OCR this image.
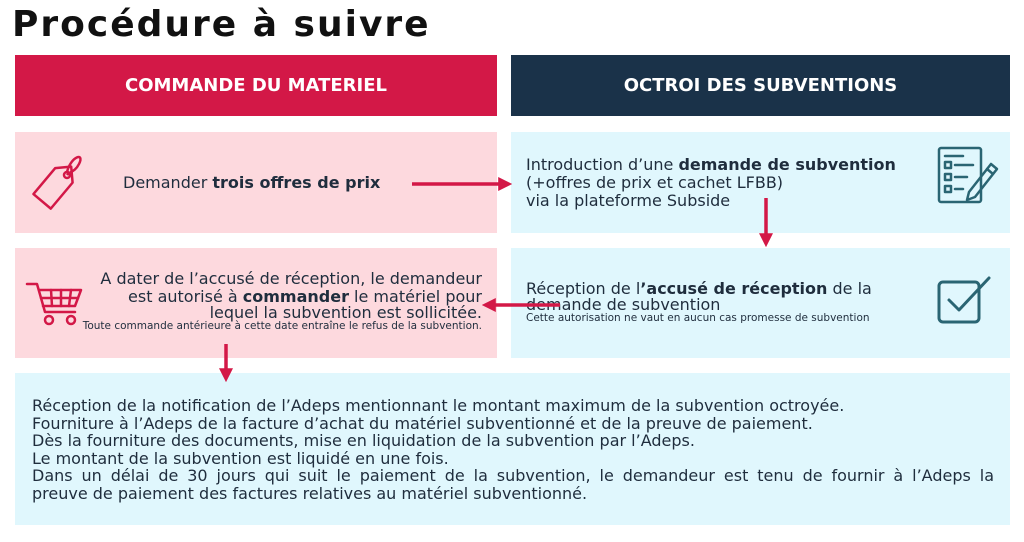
Procédure à suivre
COMMANDE DU MATERIEL	OCTROI DES SUBVENTIONS
Demander trois offres de prix
Introduction d’une demande de subvention
(+offres de prix et cachet LFBB)
via la plateforme Subside
Réception de l’accusé de réception de la
demande de subvention
Cette autorisation ne vaut en aucun cas promesse de subvention
A dater de l’accusé de réception, le demandeur
est autorisé à commander le matériel pour
lequel la subvention est sollicitée.
Toute commande antérieure à cette date entraîne le refus de la subvention.
Réception de la notification de l’Adeps mentionnant le montant maximum de la subvention octroyée.
Fourniture à l’Adeps de la facture d’achat du matériel subventionné et de la preuve de paiement.
Dès la fourniture des documents, mise en liquidation de la subvention par l’Adeps.
Le montant de la subvention est liquidé en une fois.
Dans un délai de 30 jours qui suit le paiement de la subvention, le demandeur est tenu de fournir à l’Adeps la
preuve de paiement des factures relatives au matériel subventionné.
